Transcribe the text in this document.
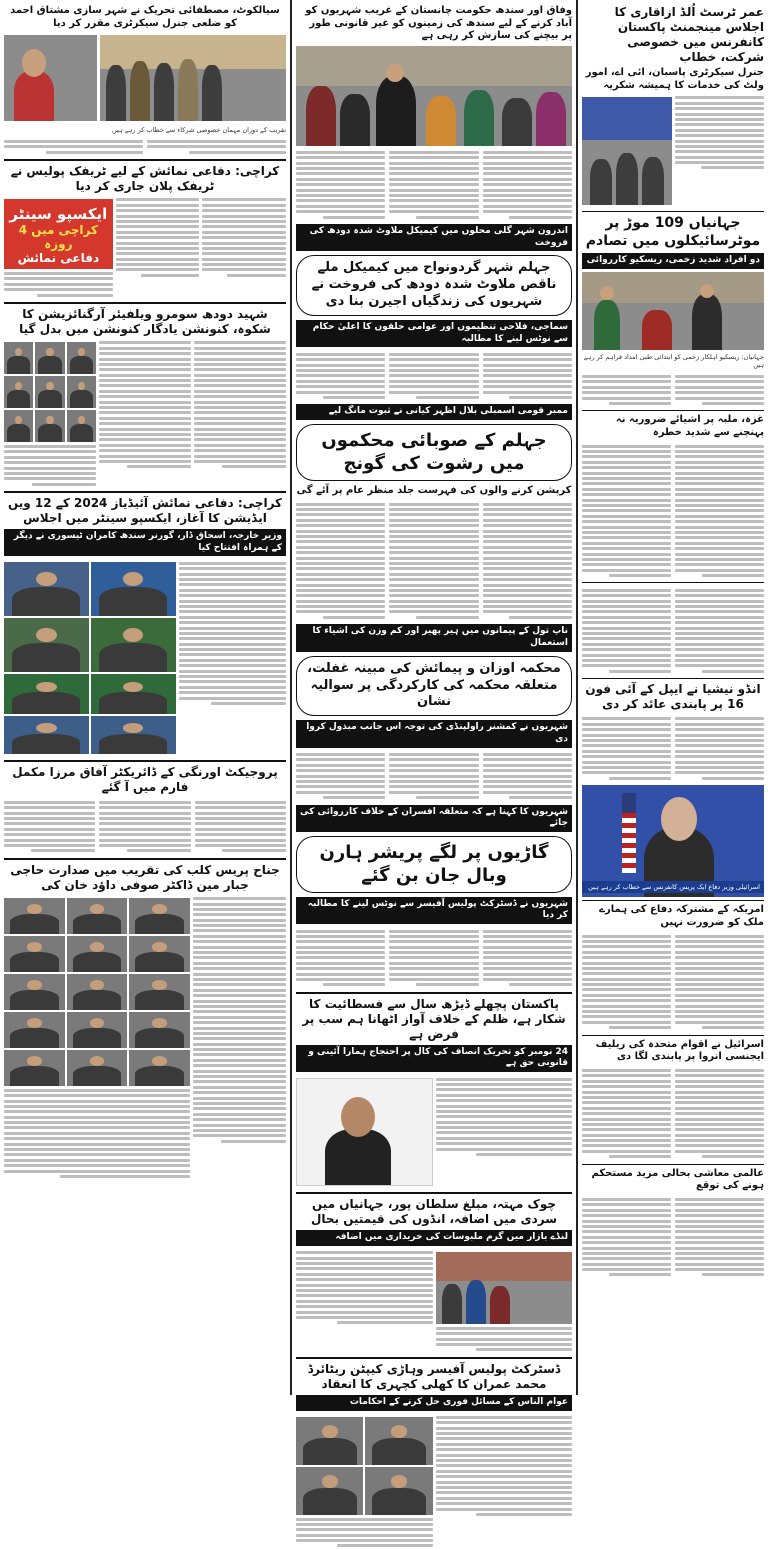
عمر ٹرسٹ اُلڈ ازاقاری کا اجلاس مینجمنٹ پاکستان کانفرنس میں خصوصی شرکت، خطاب
جنرل سیکرٹری پاسبان، ائی اے، امور ولٹ کی خدمات کا ہمیشہ شکریہ
جہانیاں 109 موڑ پر موٹرسائیکلوں میں تصادم
دو افراد شدید زخمی، ریسکیو کارروائی
جہانیاں: ریسکیو اہلکار زخمی کو ابتدائی طبی امداد فراہم کر رہے ہیں
غزہ، ملبہ پر اشیائے ضروریہ نہ پہنچنے سے شدید خطرہ
انڈو نیشیا نے ایپل کے آئی فون 16 پر پابندی عائد کر دی
اسرائیلی وزیر دفاع ایک پریس کانفرنس سے خطاب کر رہے ہیں
امریکہ کے مشترکہ دفاع کی ہمارے ملک کو ضرورت نہیں
اسرائیل نے اقوام متحدہ کی ریلیف ایجنسی انروا پر پابندی لگا دی
عالمی معاشی بحالی مزید مستحکم ہونے کی توقع
وفاق اور سندھ حکومت چانستان کے غریب شہریوں کو آباد کرنے کے لیے سندھ کی زمینوں کو غیر قانونی طور پر بیچنے کی سازش کر رہی ہے
اندرون شہر گلی محلوں میں کیمیکل ملاوٹ شدہ دودھ کی فروخت
جہلم شہر گردونواح میں کیمیکل ملے ناقص ملاوٹ شدہ دودھ کی فروخت نے شہریوں کی زندگیاں اجیرن بنا دی
سماجی، فلاحی تنظیموں اور عوامی حلقوں کا اعلیٰ حکام سے نوٹس لینے کا مطالبہ
ممبر قومی اسمبلی بلال اظہر کیانی نے ثبوت مانگ لیے
جہلم کے صوبائی محکموں میں رشوت کی گونج
کرپشن کرنے والوں کی فہرست جلد منظر عام پر آئے گی
ناپ تول کے پیمانوں میں ہیر پھیر اور کم وزن کی اشیاء کا استعمال
محکمہ اوزان و پیمائش کی مبینہ غفلت، متعلقہ محکمہ کی کارکردگی پر سوالیہ نشان
شہریوں نے کمشنر راولپنڈی کی توجہ اس جانب مبذول کروا دی
شہریوں کا کہنا ہے کہ متعلقہ افسران کے خلاف کارروائی کی جائے
گاڑیوں پر لگے پریشر ہارن وبال جان بن گئے
شہریوں نے ڈسٹرکٹ پولیس آفیسر سے نوٹس لینے کا مطالبہ کر دیا
پاکستان پچھلے ڈیڑھ سال سے فسطائیت کا شکار ہے، ظلم کے خلاف آواز اٹھانا ہم سب پر فرض ہے
24 نومبر کو تحریک انصاف کی کال پر احتجاج ہمارا آئینی و قانونی حق ہے
چوک مہتہ، مبلغ سلطان پور، جہانیاں میں سردی میں اضافہ، انڈوں کی قیمتیں بحال
لنڈے بازار میں گرم ملبوسات کی خریداری میں اضافہ
ڈسٹرکٹ پولیس آفیسر وہاڑی کیپٹن ریٹائرڈ محمد عمران کا کھلی کچہری کا انعقاد
عوام الناس کے مسائل فوری حل کرنے کے احکامات
سیالکوٹ، مصطفائی تحریک نے شہر سازی مشتاق احمد کو ضلعی جنرل سیکرٹری مقرر کر دیا
تقریب کے دوران مہمان خصوصی شرکاء سے خطاب کر رہے ہیں
کراچی: دفاعی نمائش کے لیے ٹریفک پولیس نے ٹریفک پلان جاری کر دیا
ایکسپو سینٹر
کراچی میں 4 روزہ
دفاعی نمائش
شہید دودھ سومرو ویلفیئر آرگنائزیشن کا شکوہ، کنونشن یادگار کنونشن میں بدل گیا
کراچی: دفاعی نمائش آئیڈیاز 2024 کے 12 ویں ایڈیشن کا آغاز، ایکسپو سینٹر میں اجلاس
وزیر خارجہ، اسحاق ڈار، گورنر سندھ کامران ٹیسوری نے دیگر کے ہمراہ افتتاح کیا
پروجیکٹ اورنگی کے ڈائریکٹر آفاق مرزا مکمل فارم میں آ گئے
جناح پریس کلب کی تقریب میں صدارت حاجی جبار مین ڈاکٹر صوفی داؤد خان کی
